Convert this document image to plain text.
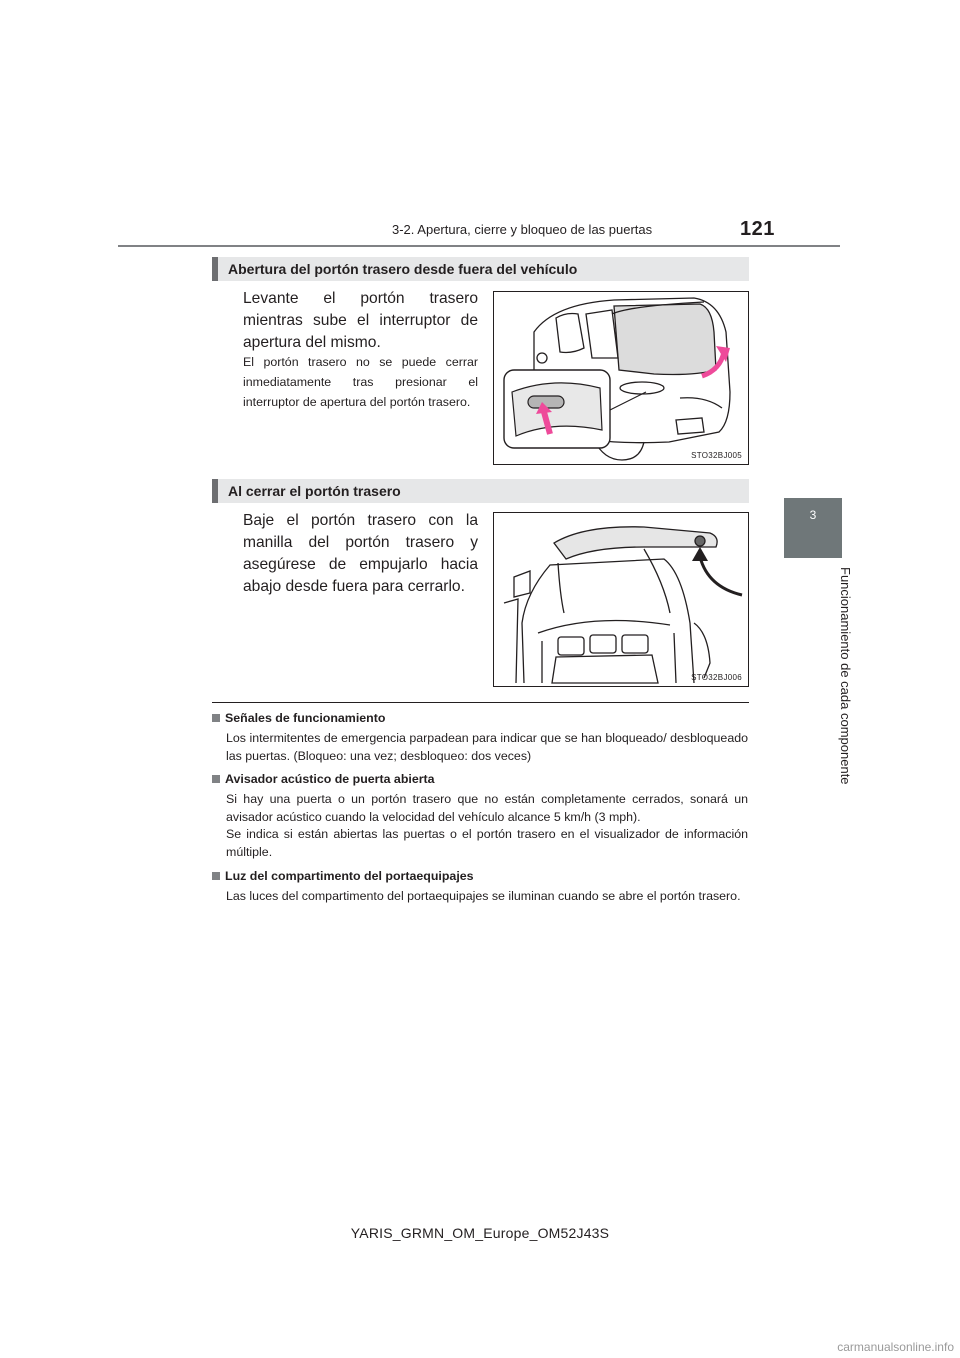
3-2. Apertura, cierre y bloqueo de las puertas	121
3
Funcionamiento de cada componente
Abertura del portón trasero desde fuera del vehículo
Levante el portón trasero mientras sube el interruptor de apertura del mismo.
El portón trasero no se puede cerrar inmediatamente tras presionar el interruptor de apertura del portón trasero.
STO32BJ005
Al cerrar el portón trasero
Baje el portón trasero con la manilla del portón trasero y asegúrese de empujarlo hacia abajo desde fuera para cerrarlo.
STO32BJ006
Señales de funcionamiento

Los intermitentes de emergencia parpadean para indicar que se han bloqueado/ desbloqueado las puertas. (Bloqueo: una vez; desbloqueo: dos veces)

Avisador acústico de puerta abierta

Si hay una puerta o un portón trasero que no están completamente cerrados, sonará un avisador acústico cuando la velocidad del vehículo alcance 5 km/h (3 mph).

Se indica si están abiertas las puertas o el portón trasero en el visualizador de información múltiple.

Luz del compartimento del portaequipajes

Las luces del compartimento del portaequipajes se iluminan cuando se abre el portón trasero.

YARIS_GRMN_OM_Europe_OM52J43S
carmanualsonline.info
